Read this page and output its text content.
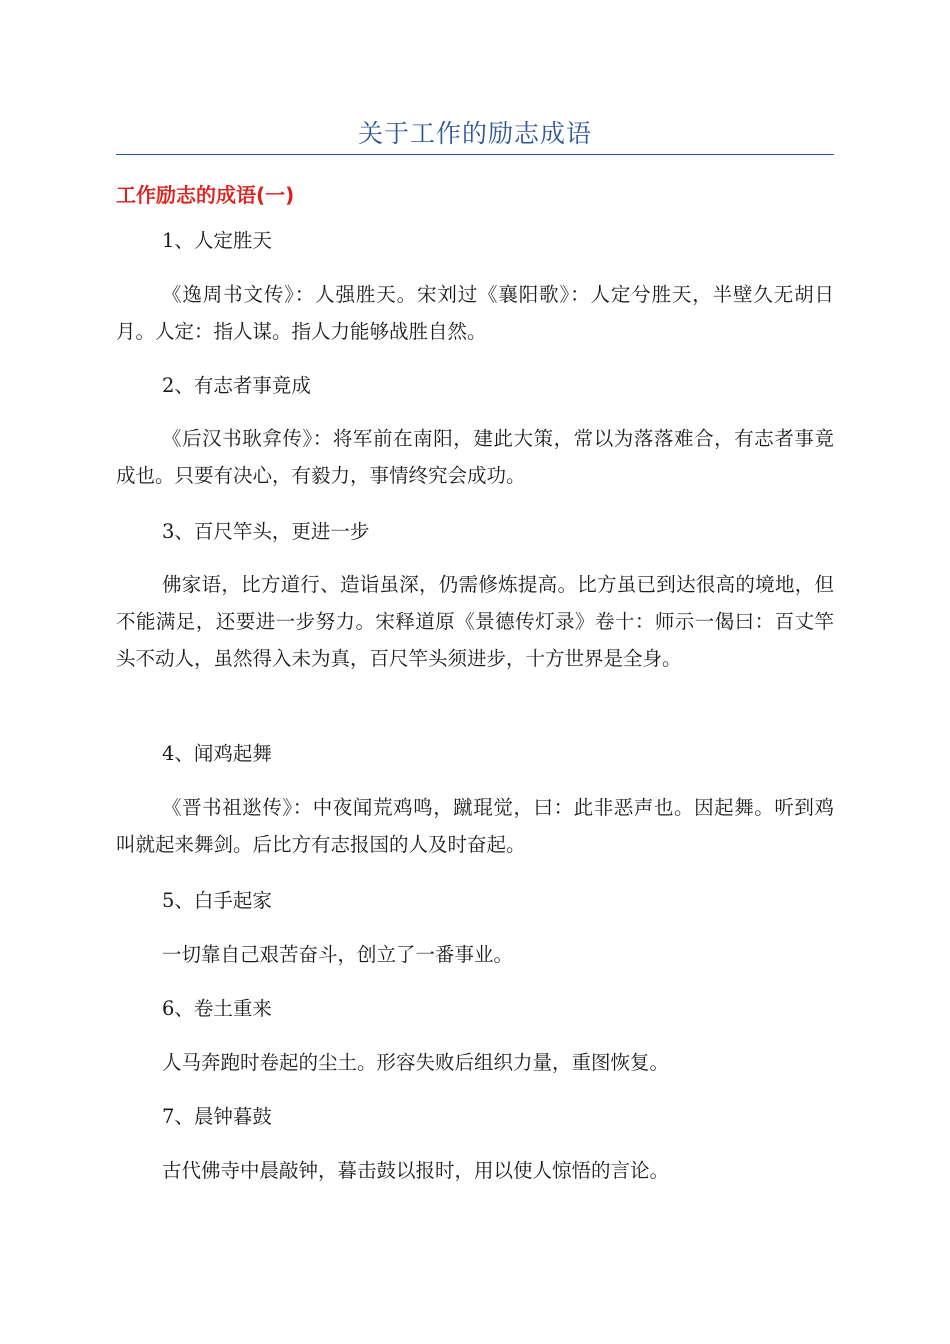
关于工作的励志成语
工作励志的成语(一)

1、人定胜天

《逸周书文传》：人强胜天。宋刘过《襄阳歌》：人定兮胜天，半壁久无胡日月。人定：指人谋。指人力能够战胜自然。

2、有志者事竟成

《后汉书耿弇传》：将军前在南阳，建此大策，常以为落落难合，有志者事竟成也。只要有决心，有毅力，事情终究会成功。

3、百尺竿头，更进一步

佛家语，比方道行、造诣虽深，仍需修炼提高。比方虽已到达很高的境地，但不能满足，还要进一步努力。宋释道原《景德传灯录》卷十：师示一偈曰：百丈竿头不动人，虽然得入未为真，百尺竿头须进步，十方世界是全身。

4、闻鸡起舞

《晋书祖逖传》：中夜闻荒鸡鸣，蹴琨觉，曰：此非恶声也。因起舞。听到鸡叫就起来舞剑。后比方有志报国的人及时奋起。

5、白手起家

一切靠自己艰苦奋斗，创立了一番事业。

6、卷土重来

人马奔跑时卷起的尘土。形容失败后组织力量，重图恢复。

7、晨钟暮鼓

古代佛寺中晨敲钟，暮击鼓以报时，用以使人惊悟的言论。
